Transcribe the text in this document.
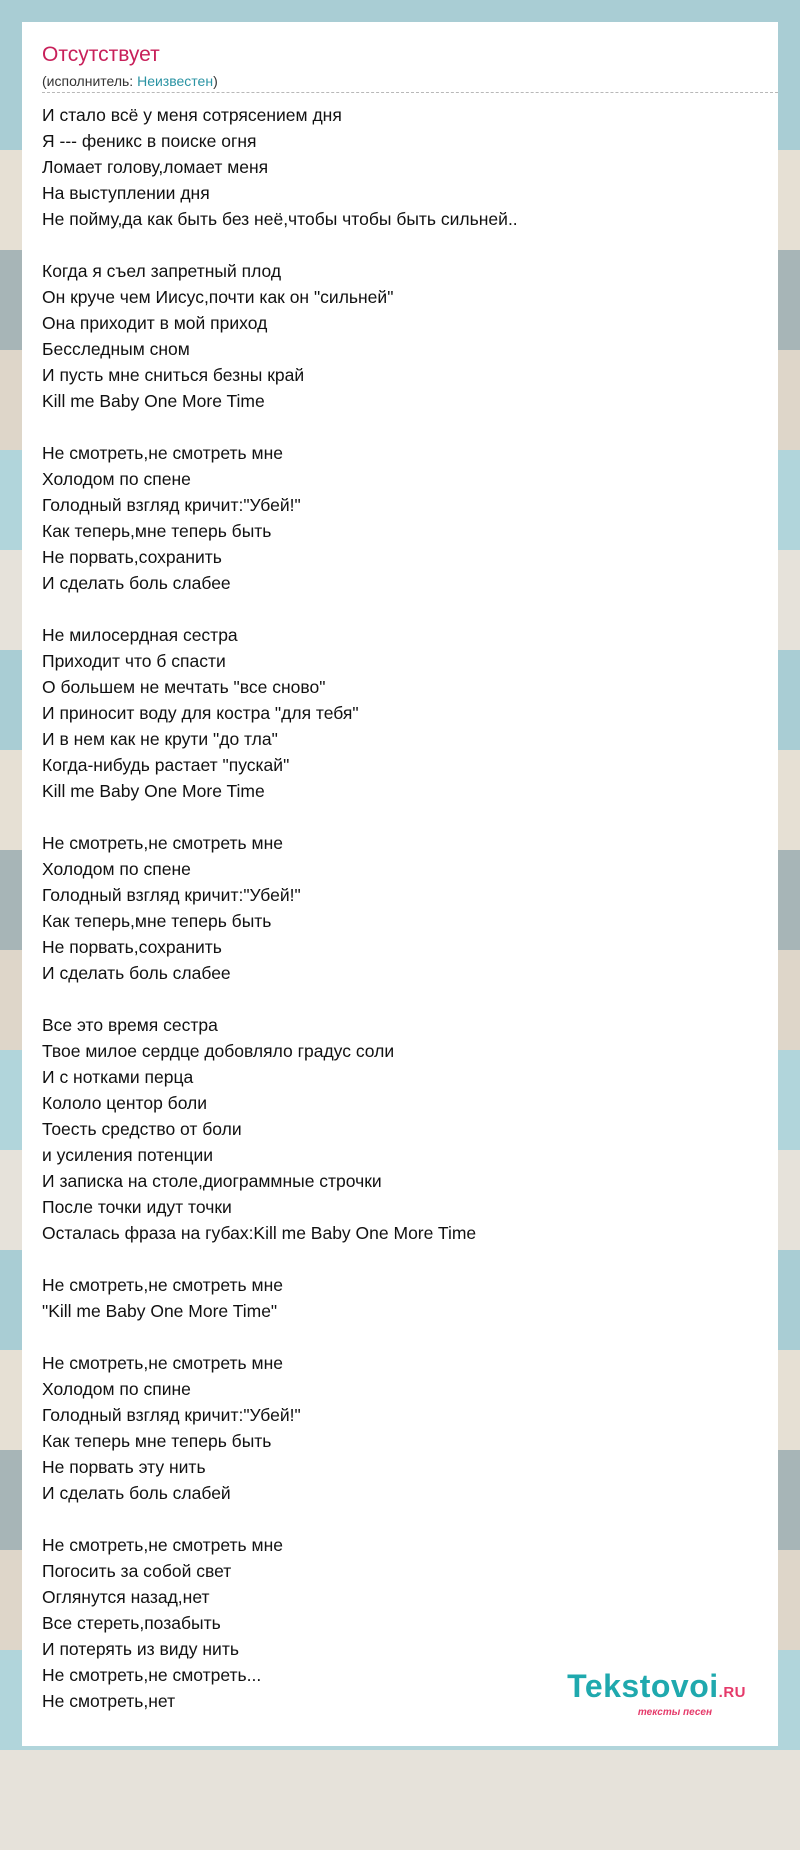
Отсутствует
(исполнитель: Неизвестен)
И стало всё у меня сотрясением дня
Я --- феникс в поиске огня
Ломает голову,ломает меня
На выступлении дня
Не пойму,да как быть без неё,чтобы чтобы быть сильней..
Когда я съел запретный плод
Он круче чем Иисус,почти как он "сильней"
Она приходит в мой приход
Бесследным сном
И пусть мне сниться безны край
Kill me Baby One More Time
Не смотреть,не смотреть мне
Холодом по спене
Голодный взгляд кричит:"Убей!"
Как теперь,мне теперь быть
Не порвать,сохранить
И сделать боль слабее
Не милосердная сестра
Приходит что б спасти
О большем не мечтать "все сново"
И приносит воду для костра "для тебя"
И в нем как не крути "до тла"
Когда-нибудь растает "пускай"
Kill me Baby One More Time
Не смотреть,не смотреть мне
Холодом по спене
Голодный взгляд кричит:"Убей!"
Как теперь,мне теперь быть
Не порвать,сохранить
И сделать боль слабее
Все это время сестра
Твое милое сердце добовляло градус соли
И с нотками перца
Кололо центор боли
Тоесть средство от боли
и усиления потенции
И записка на столе,диограммные строчки
После точки идут точки
Осталась фраза на губах:Kill me Baby One More Time
Не смотреть,не смотреть мне
"Kill me Baby One More Time"
Не смотреть,не смотреть мне
Холодом по спине
Голодный взгляд кричит:"Убей!"
Как теперь мне теперь быть
Не порвать эту нить
И сделать боль слабей
Не смотреть,не смотреть мне
Погосить за собой свет
Оглянутся назад,нет
Все стереть,позабыть
И потерять из виду нить
Не смотреть,не смотреть...
Не смотреть,нет	Tekstovoi.RU
тексты песен
